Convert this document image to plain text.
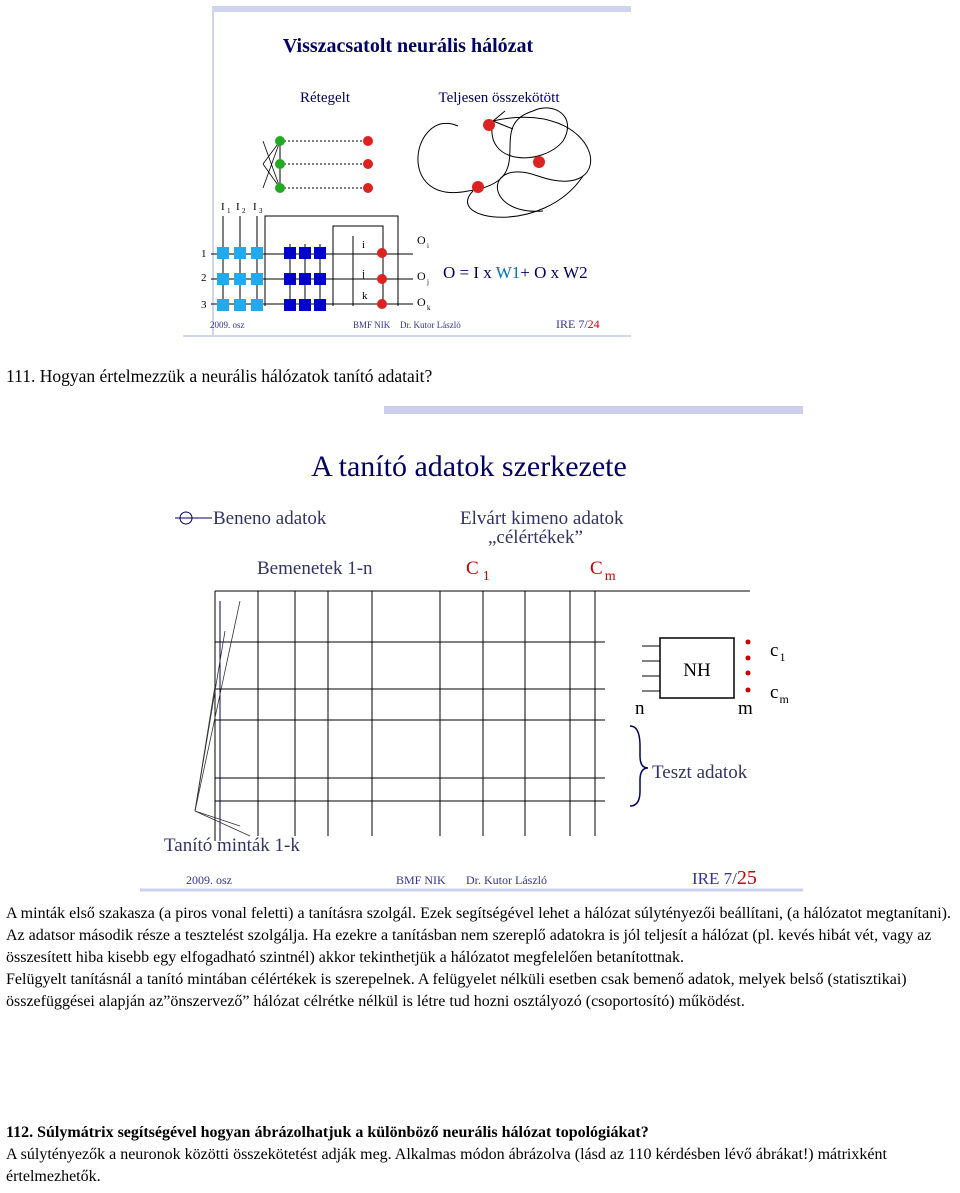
Visszacsatolt neurális hálózat
Rétegelt	Teljesen összekötött
I 1 I 2 I 3
1
2
3
i
j
k
O i
O j
O k
O = I x W1+ O x W2
2009. osz	BMF NIK Dr. Kutor László	IRE 7/24
111. Hogyan értelmezzük a neurális hálózatok tanító adatait?
A tanító adatok szerkezete
Beneno adatok	Elvárt kimeno adatok
„célértékek”
Bemenetek 1-n	C $_1$	C $_m$
NH
n	m
$c_1$
$c_m$
Teszt adatok
Tanító minták 1-k
2009. osz	BMF NIK Dr. Kutor László	IRE 7/25

A minták első szakasza (a piros vonal feletti) a tanításra szolgál. Ezek segítségével lehet a hálózat súlytényezői beállítani, (a hálózatot megtanítani).

Az adatsor második része a tesztelést szolgálja. Ha ezekre a tanításban nem szereplő adatokra is jól teljesít a hálózat (pl. kevés hibát vét, vagy az összesített hiba kisebb egy elfogadható szintnél) akkor tekinthetjük a hálózatot megfelelően betanítottnak.

Felügyelt tanításnál a tanító mintában célértékek is szerepelnek. A felügyelet nélküli esetben csak bemenő adatok, melyek belső (statisztikai) összefüggései alapján az”önszervező” hálózat célrétke nélkül is létre tud hozni osztályozó (csoportosító) működést.

112. Súlymátrix segítségével hogyan ábrázolhatjuk a különböző neurális hálózat topológiákat?

A súlytényezők a neuronok közötti összekötetést adják meg. Alkalmas módon ábrázolva (lásd az 110 kérdésben lévő ábrákat!) mátrixként értelmezhetők.
